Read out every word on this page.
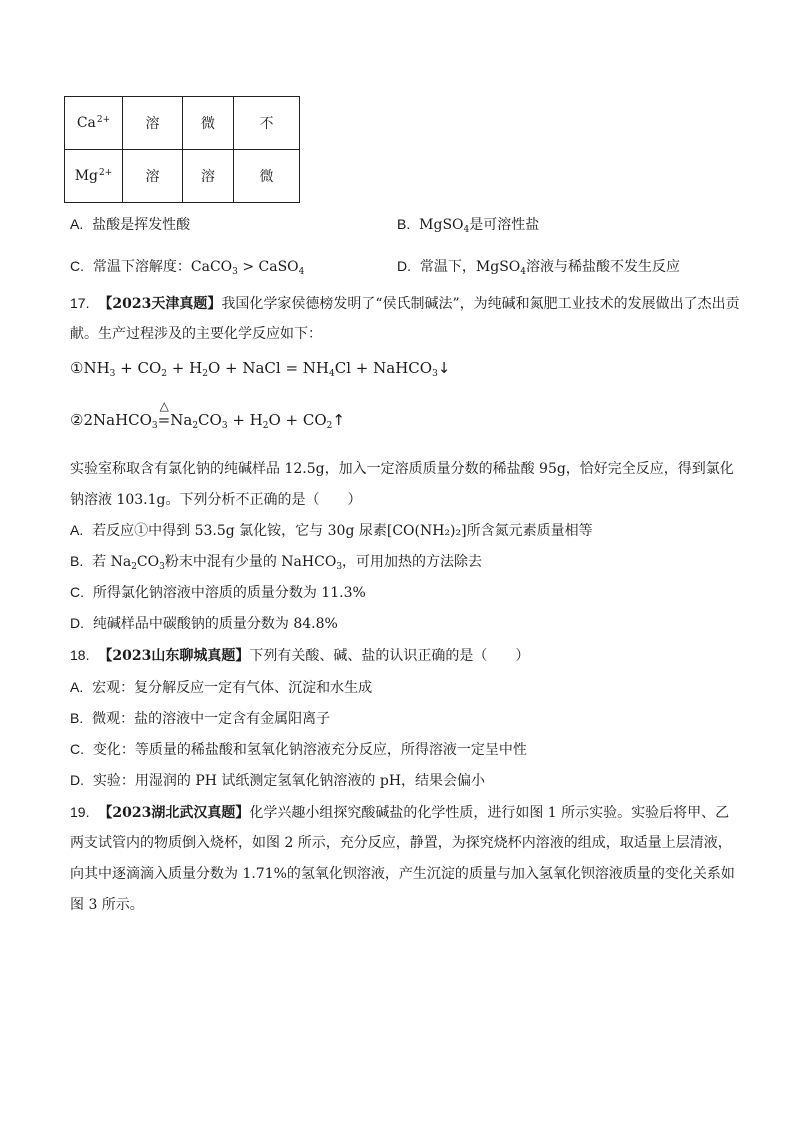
$Ca^{2+}$	溶	微	不
$Mg^{2+}$	溶	溶	微
A. 盐酸是挥发性酸	B. MgSO$_4$是可溶性盐
C. 常温下溶解度：CaCO$_3$ > CaSO$_4$	D. 常温下，MgSO$_4$溶液与稀盐酸不发生反应
17. 【2023天津真题】我国化学家侯德榜发明了“侯氏制碱法”，为纯碱和氮肥工业技术的发展做出了杰出贡
献。生产过程涉及的主要化学反应如下：
$①NH_3 + CO_2 + H_2O$ + NaCl = $NH_4Cl$ + NaHCO$_3$↓
②2NaHCO$_3$
△
$=Na_2CO_3 + H_2O$ + $CO_2↑$
实验室称取含有氯化钠的纯碱样品 12.5g，加入一定溶质质量分数的稀盐酸 95g，恰好完全反应，得到氯化
钠溶液 103.1g。下列分析不正确的是（　　）
A. 若反应①中得到 53.5g 氯化铵，它与 30g 尿素[CO(NH₂)₂]所含氮元素质量相等
B. 若 $Na_2CO_3$粉末中混有少量的 NaHCO$_3$，可用加热的方法除去
C. 所得氯化钠溶液中溶质的质量分数为 11.3%
D. 纯碱样品中碳酸钠的质量分数为 84.8%
18. 【2023山东聊城真题】下列有关酸、碱、盐的认识正确的是（　　）
A. 宏观：复分解反应一定有气体、沉淀和水生成
B. 微观：盐的溶液中一定含有金属阳离子
C. 变化：等质量的稀盐酸和氢氧化钠溶液充分反应，所得溶液一定呈中性
D. 实验：用湿润的 PH 试纸测定氢氧化钠溶液的 pH，结果会偏小
19. 【2023湖北武汉真题】化学兴趣小组探究酸碱盐的化学性质，进行如图 1 所示实验。实验后将甲、乙
两支试管内的物质倒入烧杯，如图 2 所示，充分反应，静置，为探究烧杯内溶液的组成，取适量上层清液，
向其中逐滴滴入质量分数为 1.71%的氢氧化钡溶液，产生沉淀的质量与加入氢氧化钡溶液质量的变化关系如
图 3 所示。
